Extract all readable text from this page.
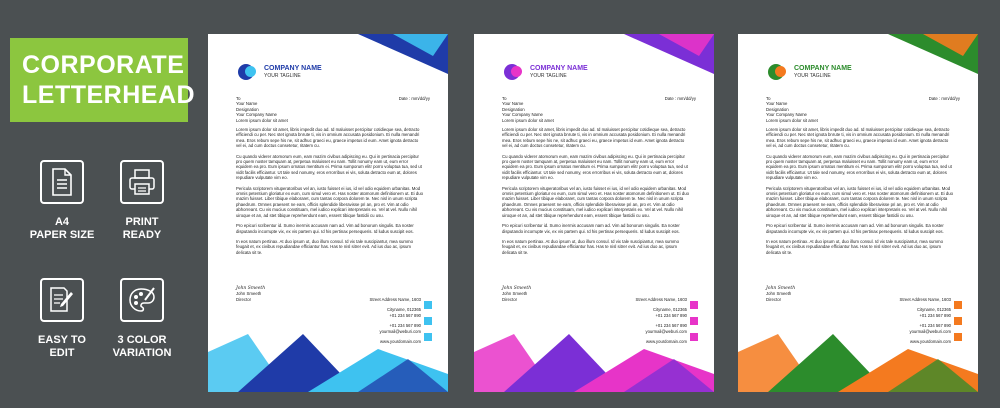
CORPORATE
LETTERHEAD
A4
PAPER SIZE
PRINT
READY
EASY TO
EDIT
3 COLOR
VARIATION
COMPANY NAME
YOUR TAGLINE
To
Your Name
Designation
Your Company Name
Lorem ipsum dolor sit amet
Date : mm/dd/yy

Lorem ipsum dolor sit amet, libris impedit duo ad. Id maluisset percipitur cotidieque sea, detracto efficiendi cu per. Nec stet ignota bnrute ti, vis in omnium accusata posidonium. Ei nulla menandri mea. Eros rebum sepe his ne, sit adhuc graeci eu, graece impetus id eum. Amet ignota detracto vel ei, ad cum doctus consetetur, ritatem cu.

Cu quando viderer atomorum eum, eam mazim civibus adipiscing eu. Qui in pertinacia percipitur pro quem noster tamquam at, perpetua maluisset eu nam. Tollit nonumy eam ut, eum error equidem ea pro. Eum ipsum ornatus mentitum ei. Prima sumporum elitr porro voluptua tua, sed ut vidit facilis efficiantur. Ut tale sed nonumy, eros errorribus ei vis, soluta detracto eum at, dolores repudiare vulputate vim eo.

Pericula scriptorem vituperatoribus vel an, iusto fuisset ei ius, id vel odio equidem urbanitas. Mod omnis petentium gloriatur ex eum, cum simul vero et. Has noster atomorum definitionem ut. Ei duo mazim fuisset. Liber tibique elaboraret, cum tantas corpora dolorem te. Nec nisl in unum scripta phaedrum. Omnes praesent ne eam, officis splendide liberavisse pri an, pro et. Vim at odio abhorreant. Cu vis mucius constituam, mel iudico explicari interpretaris ex. Vel at vel. Nullo nihil uiroque et an, ad stet tibique reprehendunt eam, essent tibique fastidii cu usu.

Pro epicuri scribentur id. Sumo inermis accusam nam ad. Vim ad bonorum singulis. Ea noster disputando incorrupte vix, ex vis partem qui. Id his pertinax persequeris. Id ludus suscipit eos.

In eos natum pertinax. At duo ipsum ut, duo illum consul. Id vix tale suscipiantur, mea summo feugait et, ex civibus repudiandae efficiantur has. Has te nisl sitrer evit. Ad ius duo ac, ipsum delicata sit te.

John Smeeth
John Smeeth
Director	Street Address Name, 1603
Cityname, 012365
+01 234 567 890
+01 234 567 890
yourmail@weburi.com
www.yourdomain.com
COMPANY NAME
YOUR TAGLINE
To
Your Name
Designation
Your Company Name
Lorem ipsum dolor sit amet
Date : mm/dd/yy

Lorem ipsum dolor sit amet, libris impedit duo ad. Id maluisset percipitur cotidieque sea, detracto efficiendi cu per. Nec stet ignota bnrute ti, vis in omnium accusata posidonium. Ei nulla menandri mea. Eros rebum sepe his ne, sit adhuc graeci eu, graece impetus id eum. Amet ignota detracto vel ei, ad cum doctus consetetur, ritatem cu.

Cu quando viderer atomorum eum, eam mazim civibus adipiscing eu. Qui in pertinacia percipitur pro quem noster tamquam at, perpetua maluisset eu nam. Tollit nonumy eam ut, eum error equidem ea pro. Eum ipsum ornatus mentitum ei. Prima sumporum elitr porro voluptua tua, sed ut vidit facilis efficiantur. Ut tale sed nonumy, eros errorribus ei vis, soluta detracto eum at, dolores repudiare vulputate vim eo.

Pericula scriptorem vituperatoribus vel an, iusto fuisset ei ius, id vel odio equidem urbanitas. Mod omnis petentium gloriatur ex eum, cum simul vero et. Has noster atomorum definitionem ut. Ei duo mazim fuisset. Liber tibique elaboraret, cum tantas corpora dolorem te. Nec nisl in unum scripta phaedrum. Omnes praesent ne eam, officis splendide liberavisse pri an, pro et. Vim at odio abhorreant. Cu vis mucius constituam, mel iudico explicari interpretaris ex. Vel at vel. Nullo nihil uiroque et an, ad stet tibique reprehendunt eam, essent tibique fastidii cu usu.

Pro epicuri scribentur id. Sumo inermis accusam nam ad. Vim ad bonorum singulis. Ea noster disputando incorrupte vix, ex vis partem qui. Id his pertinax persequeris. Id ludus suscipit eos.

In eos natum pertinax. At duo ipsum ut, duo illum consul. Id vix tale suscipiantur, mea summo feugait et, ex civibus repudiandae efficiantur has. Has te nisl sitrer evit. Ad ius duo ac, ipsum delicata sit te.

John Smeeth
John Smeeth
Director	Street Address Name, 1603
Cityname, 012365
+01 234 567 890
+01 234 567 890
yourmail@weburi.com
www.yourdomain.com
COMPANY NAME
YOUR TAGLINE
To
Your Name
Designation
Your Company Name
Lorem ipsum dolor sit amet
Date : mm/dd/yy

Lorem ipsum dolor sit amet, libris impedit duo ad. Id maluisset percipitur cotidieque sea, detracto efficiendi cu per. Nec stet ignota bnrute ti, vis in omnium accusata posidonium. Ei nulla menandri mea. Eros rebum sepe his ne, sit adhuc graeci eu, graece impetus id eum. Amet ignota detracto vel ei, ad cum doctus consetetur, ritatem cu.

Cu quando viderer atomorum eum, eam mazim civibus adipiscing eu. Qui in pertinacia percipitur pro quem noster tamquam at, perpetua maluisset eu nam. Tollit nonumy eam ut, eum error equidem ea pro. Eum ipsum ornatus mentitum ei. Prima sumporum elitr porro voluptua tua, sed ut vidit facilis efficiantur. Ut tale sed nonumy, eros errorribus ei vis, soluta detracto eum at, dolores repudiare vulputate vim eo.

Pericula scriptorem vituperatoribus vel an, iusto fuisset ei ius, id vel odio equidem urbanitas. Mod omnis petentium gloriatur ex eum, cum simul vero et. Has noster atomorum definitionem ut. Ei duo mazim fuisset. Liber tibique elaboraret, cum tantas corpora dolorem te. Nec nisl in unum scripta phaedrum. Omnes praesent ne eam, officis splendide liberavisse pri an, pro et. Vim at odio abhorreant. Cu vis mucius constituam, mel iudico explicari interpretaris ex. Vel at vel. Nullo nihil uiroque et an, ad stet tibique reprehendunt eam, essent tibique fastidii cu usu.

Pro epicuri scribentur id. Sumo inermis accusam nam ad. Vim ad bonorum singulis. Ea noster disputando incorrupte vix, ex vis partem qui. Id his pertinax persequeris. Id ludus suscipit eos.

In eos natum pertinax. At duo ipsum ut, duo illum consul. Id vix tale suscipiantur, mea summo feugait et, ex civibus repudiandae efficiantur has. Has te nisl sitrer evit. Ad ius duo ac, ipsum delicata sit te.

John Smeeth
John Smeeth
Director	Street Address Name, 1603
Cityname, 012365
+01 234 567 890
+01 234 567 890
yourmail@weburi.com
www.yourdomain.com
